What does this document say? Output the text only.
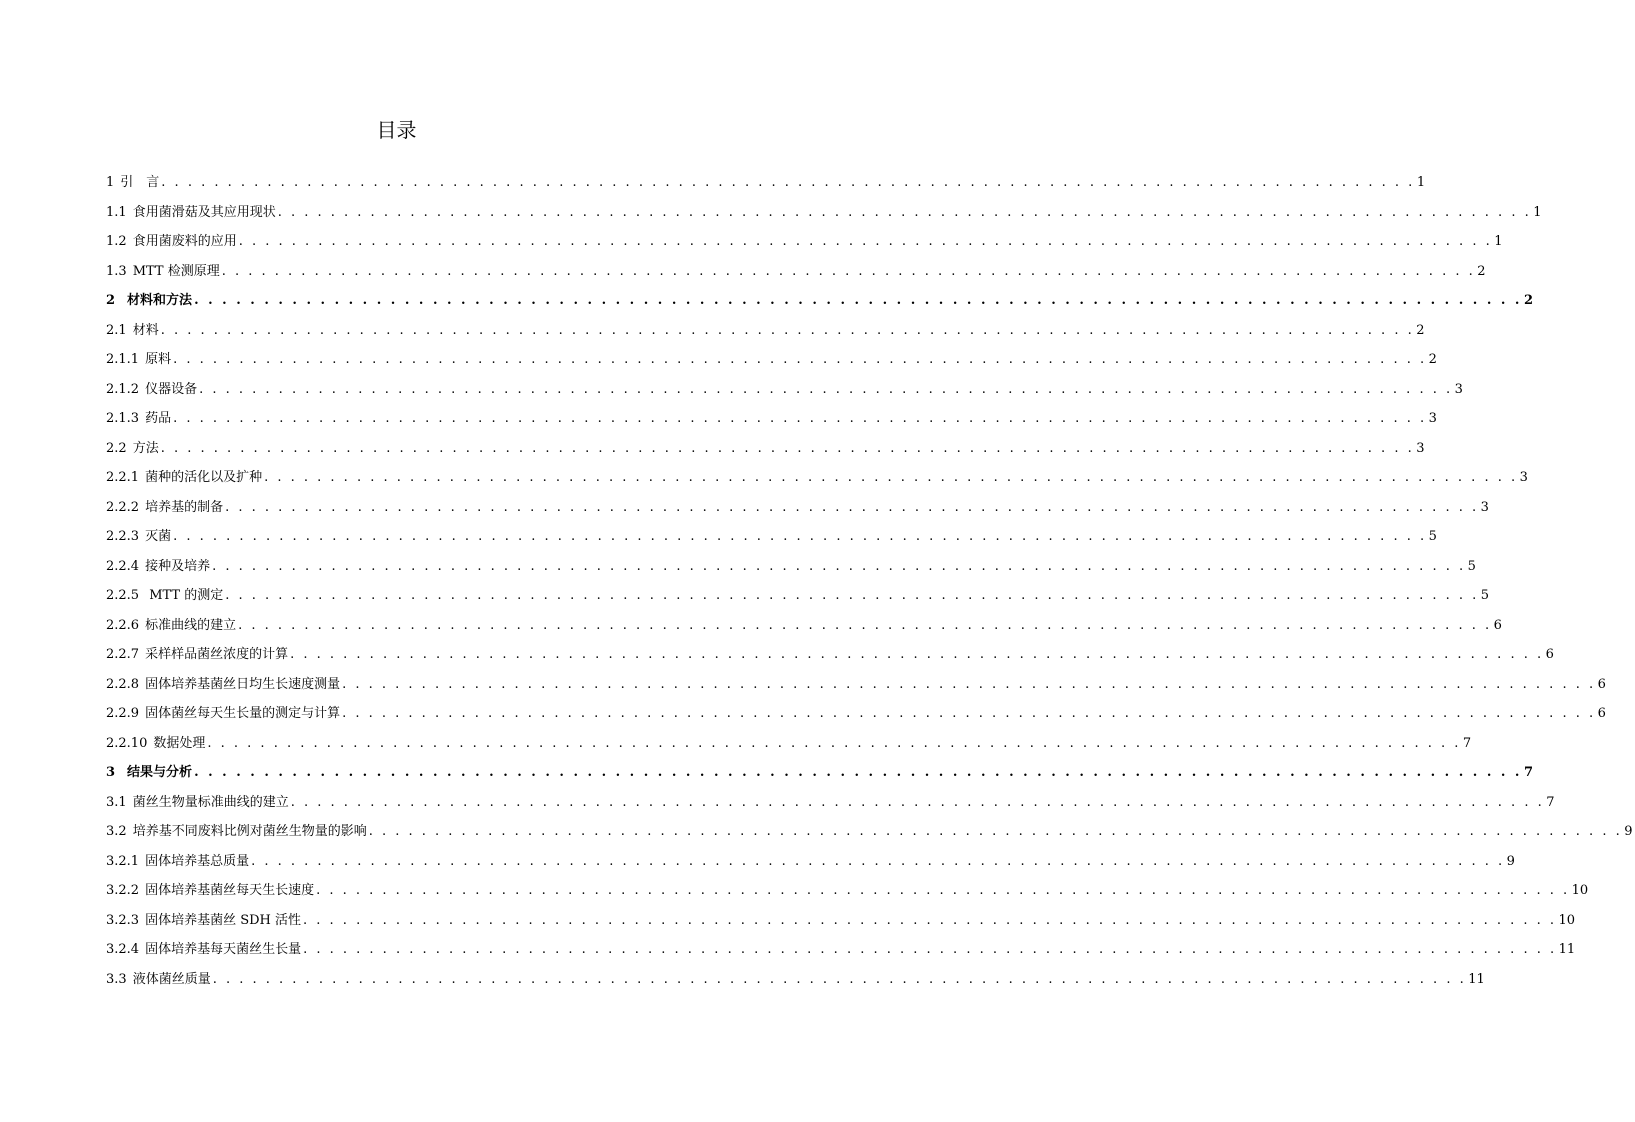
目录
1 引　言 . . . . . . . . . . . . . . . . . . . . . . . . . . . . . . . . . . . . . . . . . . . . . . . . . . . . . . . . . . . . . . . . . . . . . . . . . . . . . . . . . . . . . . . . . . . . . . . 1
1.1 食用菌滑菇及其应用现状 . . . . . . . . . . . . . . . . . . . . . . . . . . . . . . . . . . . . . . . . . . . . . . . . . . . . . . . . . . . . . . . . . . . . . . . . . . . . . . . . . . . . . . . . . . . . . . . 1
1.2 食用菌废料的应用 . . . . . . . . . . . . . . . . . . . . . . . . . . . . . . . . . . . . . . . . . . . . . . . . . . . . . . . . . . . . . . . . . . . . . . . . . . . . . . . . . . . . . . . . . . . . . . . 1
1.3 MTT 检测原理 . . . . . . . . . . . . . . . . . . . . . . . . . . . . . . . . . . . . . . . . . . . . . . . . . . . . . . . . . . . . . . . . . . . . . . . . . . . . . . . . . . . . . . . . . . . . . . . 2
2 材料和方法 . . . . . . . . . . . . . . . . . . . . . . . . . . . . . . . . . . . . . . . . . . . . . . . . . . . . . . . . . . . . . . . . . . . . . . . . . . . . . . . . . . . . . . . . . . . . . . . 2
2.1 材料 . . . . . . . . . . . . . . . . . . . . . . . . . . . . . . . . . . . . . . . . . . . . . . . . . . . . . . . . . . . . . . . . . . . . . . . . . . . . . . . . . . . . . . . . . . . . . . . 2
2.1.1 原料 . . . . . . . . . . . . . . . . . . . . . . . . . . . . . . . . . . . . . . . . . . . . . . . . . . . . . . . . . . . . . . . . . . . . . . . . . . . . . . . . . . . . . . . . . . . . . . . 2
2.1.2 仪器设备 . . . . . . . . . . . . . . . . . . . . . . . . . . . . . . . . . . . . . . . . . . . . . . . . . . . . . . . . . . . . . . . . . . . . . . . . . . . . . . . . . . . . . . . . . . . . . . . 3
2.1.3 药品 . . . . . . . . . . . . . . . . . . . . . . . . . . . . . . . . . . . . . . . . . . . . . . . . . . . . . . . . . . . . . . . . . . . . . . . . . . . . . . . . . . . . . . . . . . . . . . . 3
2.2 方法 . . . . . . . . . . . . . . . . . . . . . . . . . . . . . . . . . . . . . . . . . . . . . . . . . . . . . . . . . . . . . . . . . . . . . . . . . . . . . . . . . . . . . . . . . . . . . . . 3
2.2.1 菌种的活化以及扩种 . . . . . . . . . . . . . . . . . . . . . . . . . . . . . . . . . . . . . . . . . . . . . . . . . . . . . . . . . . . . . . . . . . . . . . . . . . . . . . . . . . . . . . . . . . . . . . . 3
2.2.2 培养基的制备 . . . . . . . . . . . . . . . . . . . . . . . . . . . . . . . . . . . . . . . . . . . . . . . . . . . . . . . . . . . . . . . . . . . . . . . . . . . . . . . . . . . . . . . . . . . . . . . 3
2.2.3 灭菌 . . . . . . . . . . . . . . . . . . . . . . . . . . . . . . . . . . . . . . . . . . . . . . . . . . . . . . . . . . . . . . . . . . . . . . . . . . . . . . . . . . . . . . . . . . . . . . . 5
2.2.4 接种及培养 . . . . . . . . . . . . . . . . . . . . . . . . . . . . . . . . . . . . . . . . . . . . . . . . . . . . . . . . . . . . . . . . . . . . . . . . . . . . . . . . . . . . . . . . . . . . . . . 5
2.2.5 MTT 的测定 . . . . . . . . . . . . . . . . . . . . . . . . . . . . . . . . . . . . . . . . . . . . . . . . . . . . . . . . . . . . . . . . . . . . . . . . . . . . . . . . . . . . . . . . . . . . . . . 5
2.2.6 标准曲线的建立 . . . . . . . . . . . . . . . . . . . . . . . . . . . . . . . . . . . . . . . . . . . . . . . . . . . . . . . . . . . . . . . . . . . . . . . . . . . . . . . . . . . . . . . . . . . . . . . 6
2.2.7 采样样品菌丝浓度的计算 . . . . . . . . . . . . . . . . . . . . . . . . . . . . . . . . . . . . . . . . . . . . . . . . . . . . . . . . . . . . . . . . . . . . . . . . . . . . . . . . . . . . . . . . . . . . . . . 6
2.2.8 固体培养基菌丝日均生长速度测量 . . . . . . . . . . . . . . . . . . . . . . . . . . . . . . . . . . . . . . . . . . . . . . . . . . . . . . . . . . . . . . . . . . . . . . . . . . . . . . . . . . . . . . . . . . . . . . . 6
2.2.9 固体菌丝每天生长量的测定与计算 . . . . . . . . . . . . . . . . . . . . . . . . . . . . . . . . . . . . . . . . . . . . . . . . . . . . . . . . . . . . . . . . . . . . . . . . . . . . . . . . . . . . . . . . . . . . . . . 6
2.2.10 数据处理 . . . . . . . . . . . . . . . . . . . . . . . . . . . . . . . . . . . . . . . . . . . . . . . . . . . . . . . . . . . . . . . . . . . . . . . . . . . . . . . . . . . . . . . . . . . . . . . 7
3 结果与分析 . . . . . . . . . . . . . . . . . . . . . . . . . . . . . . . . . . . . . . . . . . . . . . . . . . . . . . . . . . . . . . . . . . . . . . . . . . . . . . . . . . . . . . . . . . . . . . . 7
3.1 菌丝生物量标准曲线的建立 . . . . . . . . . . . . . . . . . . . . . . . . . . . . . . . . . . . . . . . . . . . . . . . . . . . . . . . . . . . . . . . . . . . . . . . . . . . . . . . . . . . . . . . . . . . . . . . 7
3.2 培养基不同废料比例对菌丝生物量的影响 . . . . . . . . . . . . . . . . . . . . . . . . . . . . . . . . . . . . . . . . . . . . . . . . . . . . . . . . . . . . . . . . . . . . . . . . . . . . . . . . . . . . . . . . . . . . . . . 9
3.2.1 固体培养基总质量 . . . . . . . . . . . . . . . . . . . . . . . . . . . . . . . . . . . . . . . . . . . . . . . . . . . . . . . . . . . . . . . . . . . . . . . . . . . . . . . . . . . . . . . . . . . . . . . 9
3.2.2 固体培养基菌丝每天生长速度 . . . . . . . . . . . . . . . . . . . . . . . . . . . . . . . . . . . . . . . . . . . . . . . . . . . . . . . . . . . . . . . . . . . . . . . . . . . . . . . . . . . . . . . . . . . . . . . 10
3.2.3 固体培养基菌丝 SDH 活性 . . . . . . . . . . . . . . . . . . . . . . . . . . . . . . . . . . . . . . . . . . . . . . . . . . . . . . . . . . . . . . . . . . . . . . . . . . . . . . . . . . . . . . . . . . . . . . . 10
3.2.4 固体培养基每天菌丝生长量 . . . . . . . . . . . . . . . . . . . . . . . . . . . . . . . . . . . . . . . . . . . . . . . . . . . . . . . . . . . . . . . . . . . . . . . . . . . . . . . . . . . . . . . . . . . . . . . 11
3.3 液体菌丝质量 . . . . . . . . . . . . . . . . . . . . . . . . . . . . . . . . . . . . . . . . . . . . . . . . . . . . . . . . . . . . . . . . . . . . . . . . . . . . . . . . . . . . . . . . . . . . . . . 11
